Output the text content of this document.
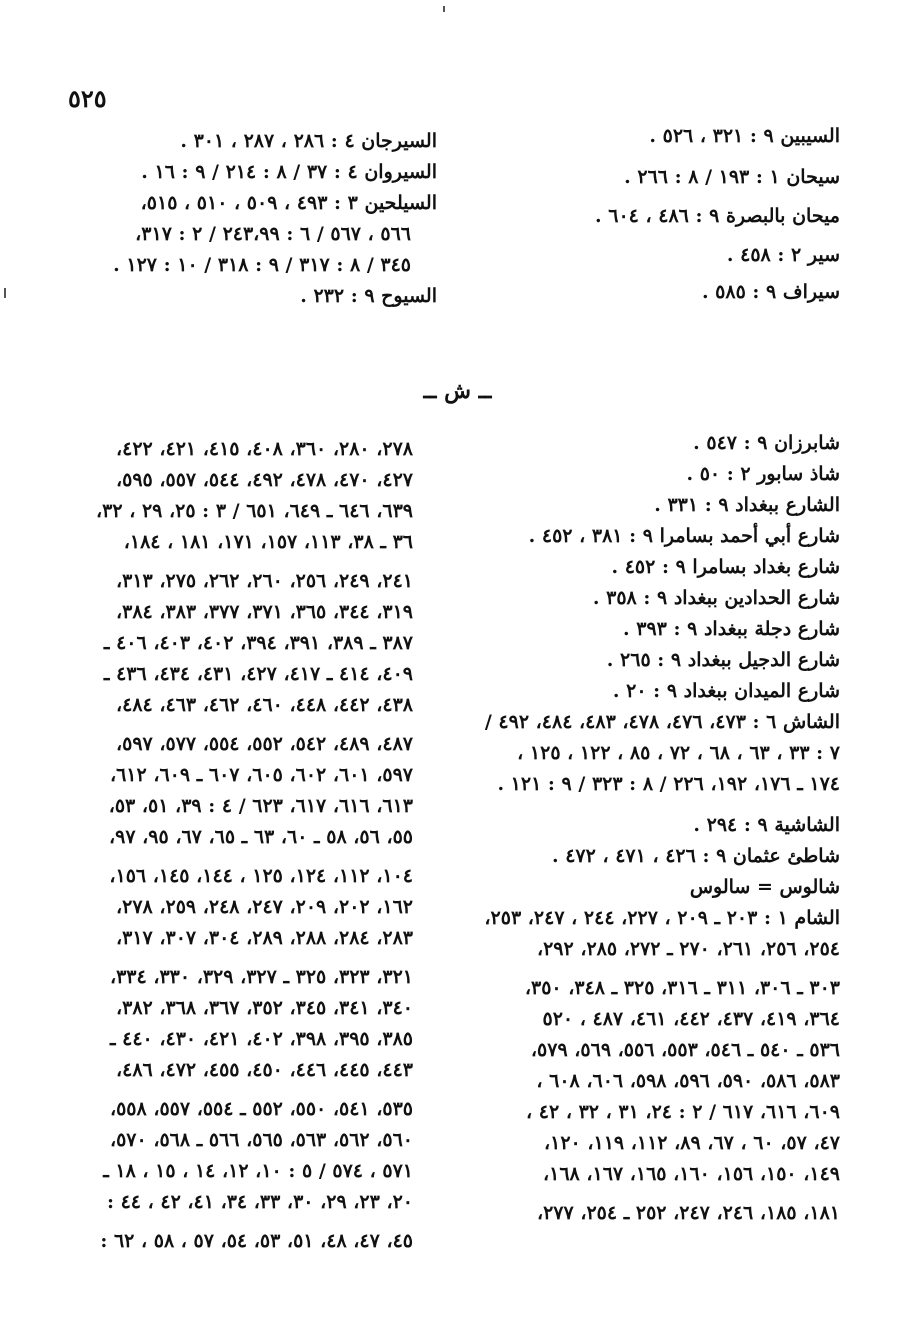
٥٢٥
السيبين ٩ : ٣٢١ ، ٥٢٦ .
سيحان ١ : ١٩٣ / ٨ : ٢٦٦ .
ميحان بالبصرة ٩ : ٤٨٦ ، ٦٠٤ .
سير ٢ : ٤٥٨ .
سيراف ٩ : ٥٨٥ .
السيرجان ٤ : ٢٨٦ ، ٢٨٧ ، ٣٠١ .
السيروان ٤ : ٣٧ / ٨ : ٢١٤ / ٩ : ١٦ .
السيلحين ٣ : ٤٩٣ ، ٥٠٩ ، ٥١٠ ، ٥١٥،
٥٦٦ ، ٥٦٧ / ٦ : ٢٤٣،٩٩ / ٢ : ٣١٧،
٣٤٥ / ٨ : ٣١٧ / ٩ : ٣١٨ / ١٠ : ١٢٧ .
السيوح ٩ : ٢٣٢ .
ــ ش ــ
شابرزان ٩ : ٥٤٧ .
شاذ سابور ٢ : ٥٠ .
الشارع ببغداد ٩ : ٣٣١ .
شارع أبي أحمد بسامرا ٩ : ٣٨١ ، ٤٥٢ .
شارع بغداد بسامرا ٩ : ٤٥٢ .
شارع الحدادين ببغداد ٩ : ٣٥٨ .
شارع دجلة ببغداد ٩ : ٣٩٣ .
شارع الدجيل ببغداد ٩ : ٢٦٥ .
شارع الميدان ببغداد ٩ : ٢٠ .
الشاش ٦ : ٤٧٣، ٤٧٦، ٤٧٨، ٤٨٣، ٤٨٤، ٤٩٢ /
٧ : ٣٣ ، ٦٣ ، ٦٨ ، ٧٢ ، ٨٥ ، ١٢٢ ، ١٢٥ ،
١٧٤ ـ ١٧٦، ١٩٢، ٢٢٦ / ٨ : ٣٢٣ / ٩ : ١٢١ .
الشاشية ٩ : ٢٩٤ .
شاطئ عثمان ٩ : ٤٢٦ ، ٤٧١ ، ٤٧٢ .
شالوس = سالوس
الشام ١ : ٢٠٣ ـ ٢٠٩ ، ٢٢٧، ٢٤٤ ، ٢٤٧، ٢٥٣،
٢٥٤، ٢٥٦، ٢٦١، ٢٧٠ ـ ٢٧٢، ٢٨٥، ٢٩٢،
٣٠٣ ـ ٣٠٦، ٣١١ ـ ٣١٦، ٣٢٥ ـ ٣٤٨، ٣٥٠،
٣٦٤، ٤١٩، ٤٣٧، ٤٤٢، ٤٦١، ٤٨٧ ، ٥٢٠
٥٣٦ ـ ٥٤٠ ـ ٥٤٦، ٥٥٣، ٥٥٦، ٥٦٩، ٥٧٩،
٥٨٣، ٥٨٦، ٥٩٠، ٥٩٦، ٥٩٨، ٦٠٦، ٦٠٨ ،
٦٠٩، ٦١٦، ٦١٧ / ٢ : ٢٤، ٣١ ، ٣٢ ، ٤٢ ،
٤٧، ٥٧، ٦٠ ، ٦٧، ٨٩، ١١٢، ١١٩، ١٢٠،
١٤٩، ١٥٠، ١٥٦، ١٦٠، ١٦٥، ١٦٧، ١٦٨،
١٨١، ١٨٥، ٢٤٦، ٢٤٧، ٢٥٢ ـ ٢٥٤، ٢٧٧،
٢٧٨، ٢٨٠، ٣٦٠، ٤٠٨، ٤١٥، ٤٢١، ٤٢٢،
٤٢٧، ٤٧٠، ٤٧٨، ٤٩٢، ٥٤٤، ٥٥٧، ٥٩٥،
٦٣٩، ٦٤٦ ـ ٦٤٩، ٦٥١ / ٣ : ٢٥، ٢٩ ، ٣٢،
٣٦ ـ ٣٨، ١١٣، ١٥٧، ١٧١، ١٨١ ، ١٨٤،
٢٤١، ٢٤٩، ٢٥٦، ٢٦٠، ٢٦٢، ٢٧٥، ٣١٣،
٣١٩، ٣٤٤، ٣٦٥، ٣٧١، ٣٧٧، ٣٨٣، ٣٨٤،
٣٨٧ ـ ٣٨٩، ٣٩١، ٣٩٤، ٤٠٢، ٤٠٣، ٤٠٦ ـ
٤٠٩، ٤١٤ ـ ٤١٧، ٤٢٧، ٤٣١، ٤٣٤، ٤٣٦ ـ
٤٣٨، ٤٤٢، ٤٤٨، ٤٦٠، ٤٦٢، ٤٦٣، ٤٨٤،
٤٨٧، ٤٨٩، ٥٤٢، ٥٥٢، ٥٥٤، ٥٧٧، ٥٩٧،
٥٩٧، ٦٠١، ٦٠٢، ٦٠٥، ٦٠٧ ـ ٦٠٩، ٦١٢،
٦١٣، ٦١٦، ٦١٧، ٦٢٣ / ٤ : ٣٩، ٥١، ٥٣،
٥٥، ٥٦، ٥٨ ـ ٦٠، ٦٣ ـ ٦٥، ٦٧، ٩٥، ٩٧،
١٠٤، ١١٢، ١٢٤، ١٢٥ ، ١٤٤، ١٤٥، ١٥٦،
١٦٢، ٢٠٢، ٢٠٩، ٢٤٧، ٢٤٨، ٢٥٩، ٢٧٨،
٢٨٣، ٢٨٤، ٢٨٨، ٢٨٩، ٣٠٤، ٣٠٧، ٣١٧،
٣٢١، ٣٢٣، ٣٢٥ ـ ٣٢٧، ٣٢٩، ٣٣٠، ٣٣٤،
٣٤٠، ٣٤١، ٣٤٥، ٣٥٢، ٣٦٧، ٣٦٨، ٣٨٢،
٣٨٥، ٣٩٥، ٣٩٨، ٤٠٢، ٤٢١، ٤٣٠، ٤٤٠ ـ
٤٤٣، ٤٤٥، ٤٤٦، ٤٥٠، ٤٥٥، ٤٧٢، ٤٨٦،
٥٣٥، ٥٤١، ٥٥٠، ٥٥٢ ـ ٥٥٤، ٥٥٧، ٥٥٨،
٥٦٠، ٥٦٢، ٥٦٣، ٥٦٥، ٥٦٦ ـ ٥٦٨، ٥٧٠،
٥٧١ ، ٥٧٤ / ٥ : ١٠، ١٢، ١٤ ، ١٥ ، ١٨ ـ
٢٠، ٢٣، ٢٩، ٣٠، ٣٣، ٣٤، ٤١، ٤٢ ، ٤٤ :
٤٥، ٤٧، ٤٨، ٥١، ٥٣، ٥٤، ٥٧ ، ٥٨ ، ٦٢ :
